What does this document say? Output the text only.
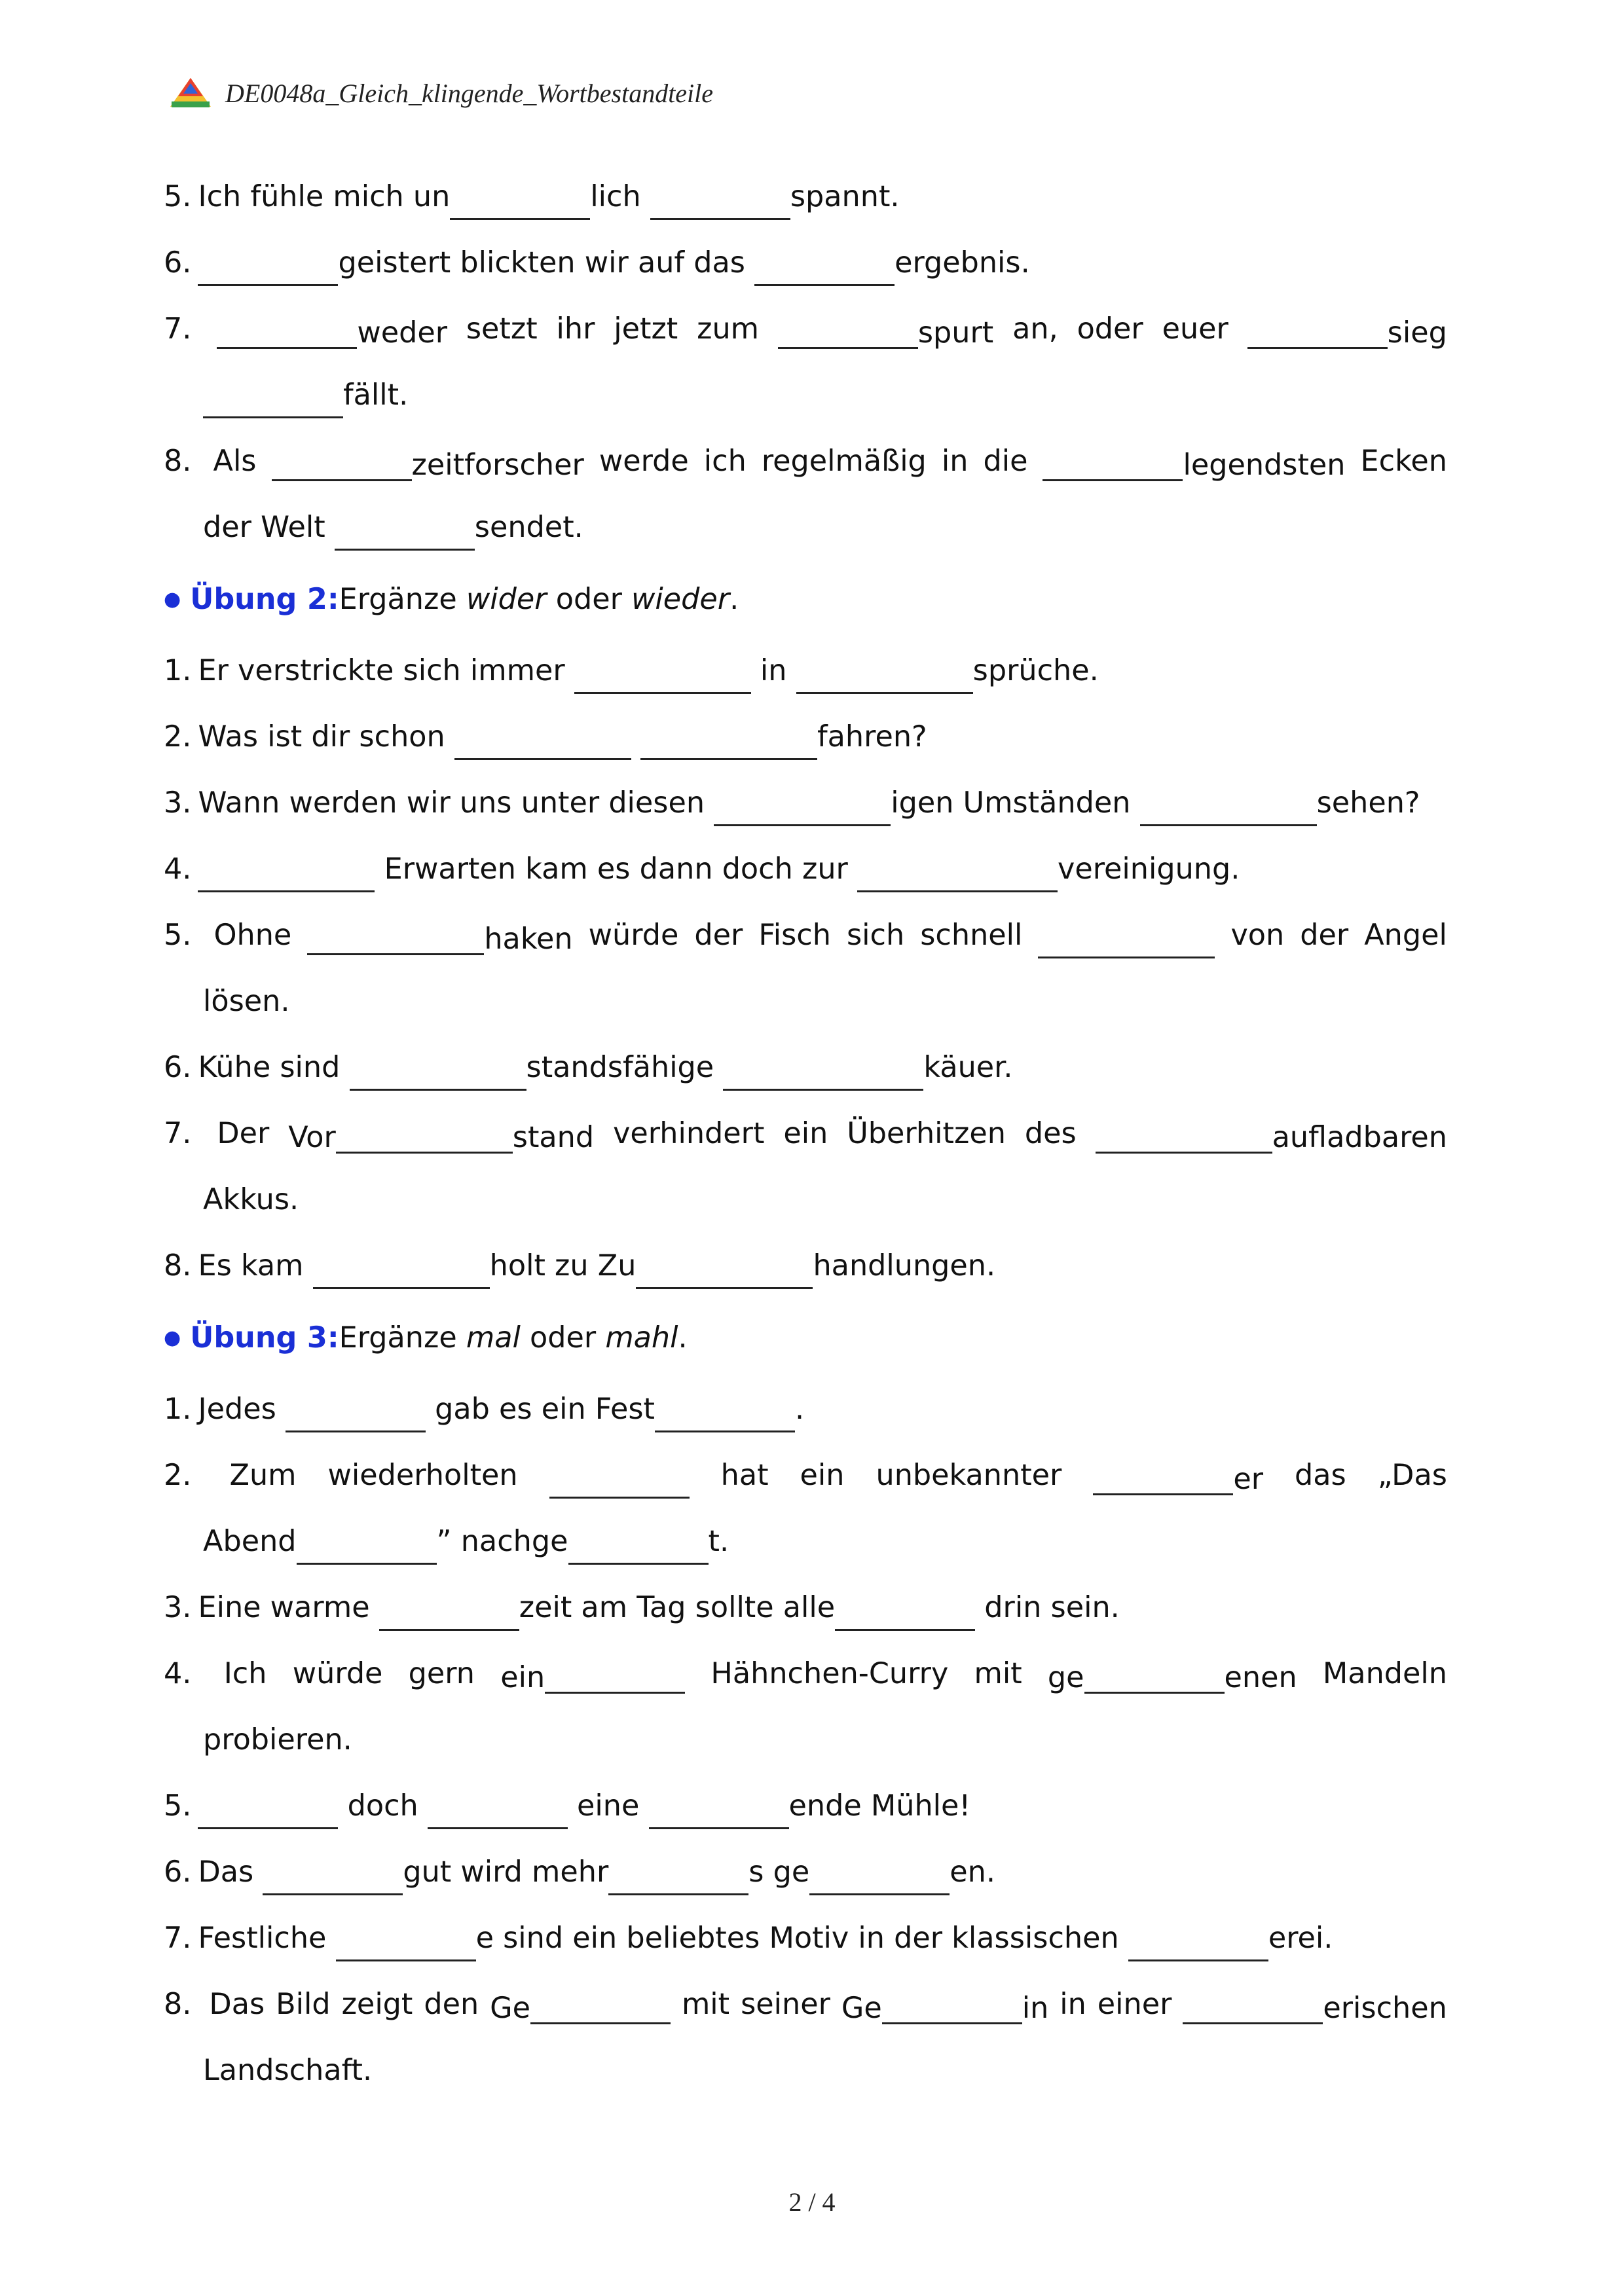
DE0048a_Gleich_klingende_Wortbestandteile
5. Ich fühle mich un	lich	spannt.
6.	geistert blickten wir auf das	ergebnis.
7.	weder setzt ihr jetzt zum	spurt an, oder euer	sieg
fällt.
8. Als	zeitforscher werde ich regelmäßig in die	legendsten Ecken
der Welt	sendet.
● Übung 2: Ergänze wider oder wieder .
1. Er verstrickte sich immer	in	sprüche.
2. Was ist dir schon
	fahren?
3. Wann werden wir uns unter diesen	igen Umständen	sehen?
4.	Erwarten kam es dann doch zur	vereinigung.
5. Ohne	haken würde der Fisch sich schnell	von der Angel
lösen.
6. Kühe sind	standsfähige	käuer.
7. Der Vor	stand verhindert ein Überhitzen des	aufladbaren
Akkus.
8. Es kam	holt zu Zu	handlungen.
● Übung 3: Ergänze mal oder mahl .
1. Jedes	gab es ein Fest	.
2. Zum wiederholten	hat ein unbekannter	er das „Das
Abend	” nachge	t.
3. Eine warme	zeit am Tag sollte alle	drin sein.
4. Ich würde gern ein	Hähnchen-Curry mit ge	enen Mandeln
probieren.
5.	doch	eine	ende Mühle!
6. Das	gut wird mehr	s ge	en.
7. Festliche	e sind ein beliebtes Motiv in der klassischen	erei.
8. Das Bild zeigt den Ge	mit seiner Ge	in in einer	erischen
Landschaft.
2 / 4
